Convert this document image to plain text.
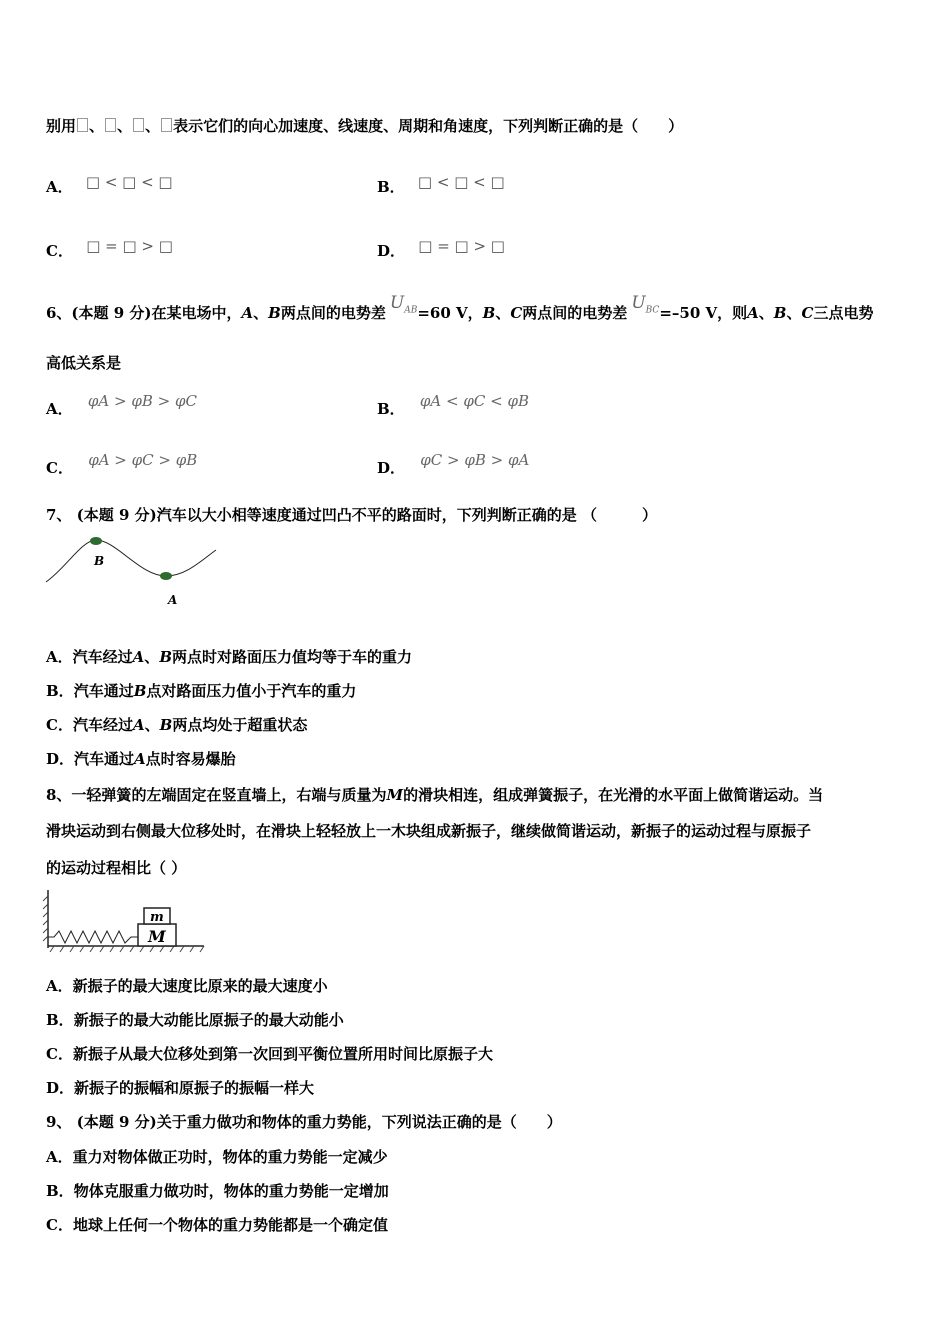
别用 、 、 、 表示它们的向心加速度、线速度、周期和角速度，下列判断正确的是（　　）
A． □ < □ < □	B． □ < □ < □
C． □ = □ > □	D． □ = □ > □
6、(本题 9 分)在某电场中，A、B两点间的电势差 $U_{AB}=60$ V，B、C两点间的电势差 $U_{BC}=-50$ V，则A、B、C三点电势
高低关系是
A． φA > φB > φC	B． φA < φC < φB
C． φA > φC > φB	D． φC > φB > φA
7、 (本题 9 分)汽车以大小相等速度通过凹凸不平的路面时，下列判断正确的是 （　　　）
B
A
A．汽车经过A、B两点时对路面压力值均等于车的重力
B．汽车通过B点对路面压力值小于汽车的重力
C．汽车经过A、B两点均处于超重状态
D．汽车通过A点时容易爆胎
8、一轻弹簧的左端固定在竖直墙上，右端与质量为M的滑块相连，组成弹簧振子，在光滑的水平面上做简谐运动。当
滑块运动到右侧最大位移处时，在滑块上轻轻放上一木块组成新振子，继续做简谐运动，新振子的运动过程与原振子
的运动过程相比（ ）
m
M
A．新振子的最大速度比原来的最大速度小
B．新振子的最大动能比原振子的最大动能小
C．新振子从最大位移处到第一次回到平衡位置所用时间比原振子大
D．新振子的振幅和原振子的振幅一样大
9、 (本题 9 分)关于重力做功和物体的重力势能，下列说法正确的是（　　）
A．重力对物体做正功时，物体的重力势能一定减少
B．物体克服重力做功时，物体的重力势能一定增加
C．地球上任何一个物体的重力势能都是一个确定值
